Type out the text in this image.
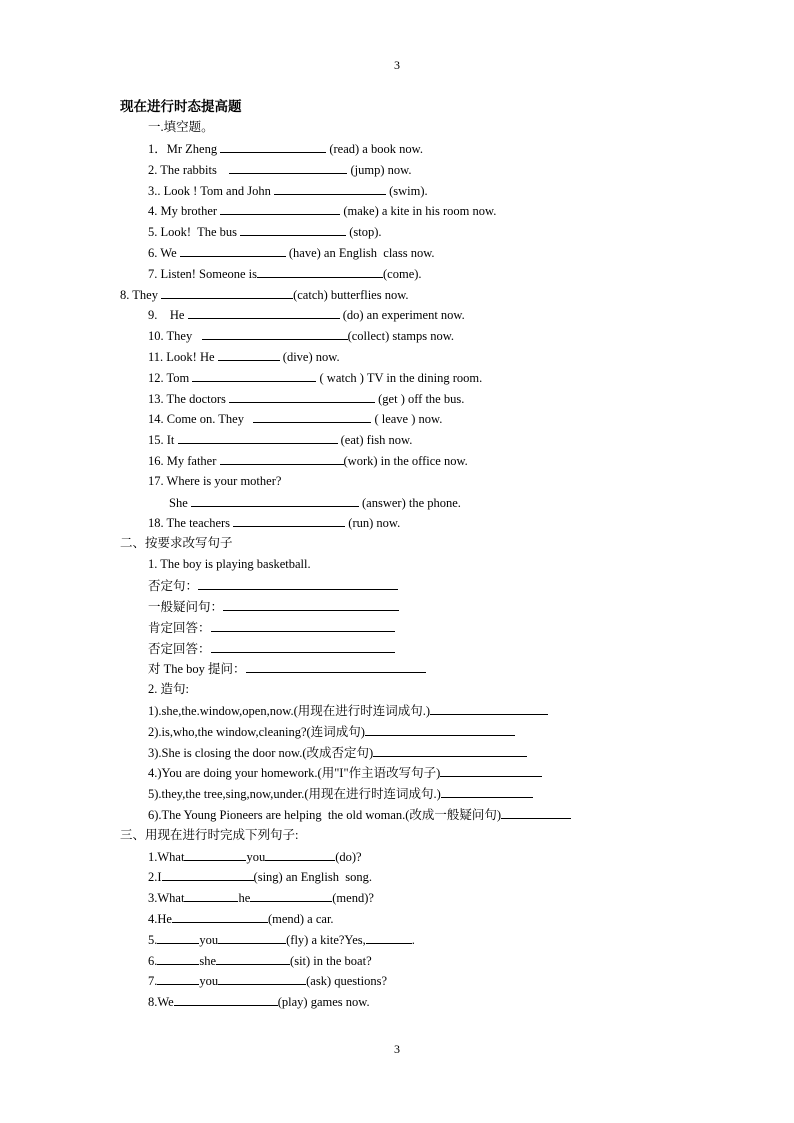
3
现在进行时态提高题
一.填空题。
1．Mr Zheng	(read) a book now.
2. The rabbits	(jump) now.
3.. Look ! Tom and John	(swim).
4. My brother	(make) a kite in his room now.
5. Look!  The bus	(stop).
6. We	(have) an English  class now.
7. Listen! Someone is	(come).
8. They	(catch) butterflies now.
9.    He	(do) an experiment now.
10. They	(collect) stamps now.
11. Look! He	(dive) now.
12. Tom	( watch ) TV in the dining room.
13. The doctors	(get ) off the bus.
14. Come on. They	( leave ) now.
15. It	(eat) fish now.
16. My father	(work) in the office now.
17. Where is your mother?
She	(answer) the phone.
18. The teachers	(run) now.
二、按要求改写句子
1. The boy is playing basketball.
否定句：
一般疑问句：
肯定回答：
否定回答：
对 The boy 提问：
2. 造句:
1).she,the.window,open,now.(用现在进行时连词成句.)
2).is,who,the window,cleaning?(连词成句)
3).She is closing the door now.(改成否定句)
4.)You are doing your homework.(用"I"作主语改写句子)
5).they,the tree,sing,now,under.(用现在进行时连词成句.)
6).The Young Pioneers are helping  the old woman.(改成一般疑问句)
三、用现在进行时完成下列句子:
1.What	you	(do)?
2.I	(sing) an English  song.
3.What	he	(mend)?
4.He	(mend) a car.
5.	you	(fly) a kite?Yes,	.
6.	she	(sit) in the boat?
7.	you	(ask) questions?
8.We	(play) games now.
3
